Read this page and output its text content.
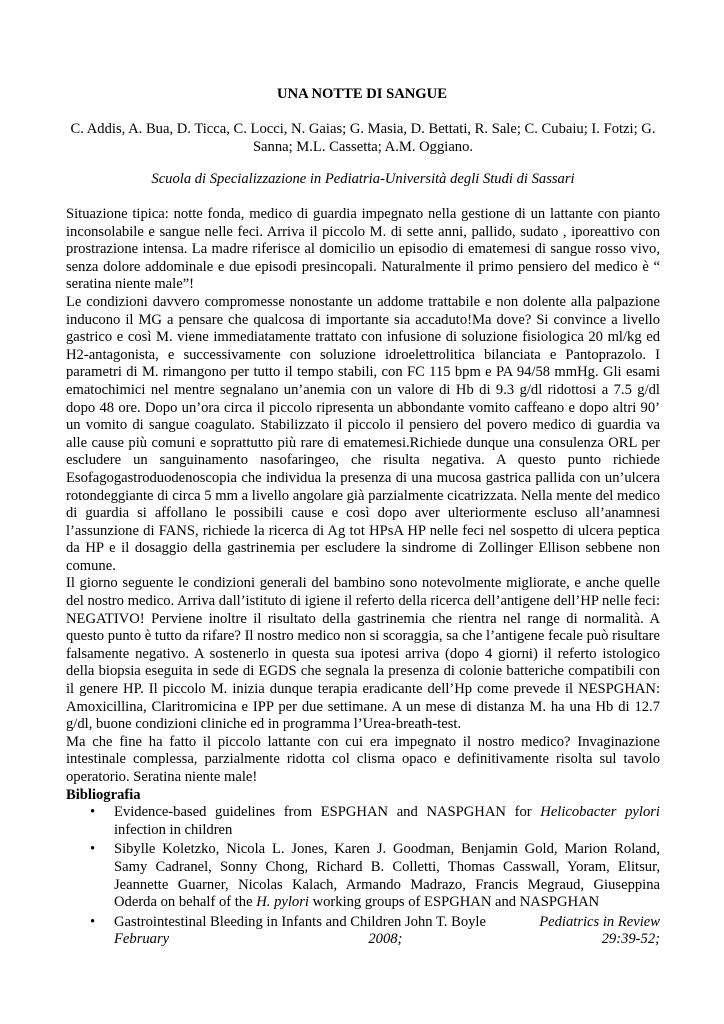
UNA NOTTE DI SANGUE
C. Addis, A. Bua, D. Ticca, C. Locci, N. Gaias; G. Masia, D. Bettati, R. Sale; C. Cubaiu; I. Fotzi; G. Sanna; M.L. Cassetta; A.M. Oggiano.
Scuola di Specializzazione in Pediatria-Università degli Studi di Sassari

Situazione tipica: notte fonda, medico di guardia impegnato nella gestione di un lattante con pianto inconsolabile e sangue nelle feci. Arriva il piccolo M. di sette anni, pallido, sudato , iporeattivo con prostrazione intensa. La madre riferisce al domicilio un episodio di ematemesi di sangue rosso vivo, senza dolore addominale e due episodi presincopali. Naturalmente il primo pensiero del medico è “ seratina niente male”!

Le condizioni davvero compromesse nonostante un addome trattabile e non dolente alla palpazione inducono il MG a pensare che qualcosa di importante sia accaduto!Ma dove? Si convince a livello gastrico e così M. viene immediatamente trattato con infusione di soluzione fisiologica 20 ml/kg ed H2-antagonista, e successivamente con soluzione idroelettrolitica bilanciata e Pantoprazolo. I parametri di M. rimangono per tutto il tempo stabili, con FC 115 bpm e PA 94/58 mmHg. Gli esami ematochimici nel mentre segnalano un’anemia con un valore di Hb di 9.3 g/dl ridottosi a 7.5 g/dl dopo 48 ore. Dopo un’ora circa il piccolo ripresenta un abbondante vomito caffeano e dopo altri 90’ un vomito di sangue coagulato. Stabilizzato il piccolo il pensiero del povero medico di guardia va alle cause più comuni e soprattutto più rare di ematemesi.Richiede dunque una consulenza ORL per escludere un sanguinamento nasofaringeo, che risulta negativa. A questo punto richiede Esofagogastroduodenoscopia che individua la presenza di una mucosa gastrica pallida con un’ulcera rotondeggiante di circa 5 mm a livello angolare già parzialmente cicatrizzata. Nella mente del medico di guardia si affollano le possibili cause e così dopo aver ulteriormente escluso all’anamnesi l’assunzione di FANS, richiede la ricerca di Ag tot HPsA HP nelle feci nel sospetto di ulcera peptica da HP e il dosaggio della gastrinemia per escludere la sindrome di Zollinger Ellison sebbene non comune.

Il giorno seguente le condizioni generali del bambino sono notevolmente migliorate, e anche quelle del nostro medico. Arriva dall’istituto di igiene il referto della ricerca dell’antigene dell’HP nelle feci: NEGATIVO! Perviene inoltre il risultato della gastrinemia che rientra nel range di normalità. A questo punto è tutto da rifare? Il nostro medico non si scoraggia, sa che l’antigene fecale può risultare falsamente negativo. A sostenerlo in questa sua ipotesi arriva (dopo 4 giorni) il referto istologico della biopsia eseguita in sede di EGDS che segnala la presenza di colonie batteriche compatibili con il genere HP. Il piccolo M. inizia dunque terapia eradicante dell’Hp come prevede il NESPGHAN: Amoxicillina, Claritromicina e IPP per due settimane. A un mese di distanza M. ha una Hb di 12.7 g/dl, buone condizioni cliniche ed in programma l’Urea-breath-test.

Ma che fine ha fatto il piccolo lattante con cui era impegnato il nostro medico? Invaginazione intestinale complessa, parzialmente ridotta col clisma opaco e definitivamente risolta sul tavolo operatorio. Seratina niente male!

Bibliografia

• Evidence-based guidelines from ESPGHAN and NASPGHAN for Helicobacter pylori infection in children
• Sibylle Koletzko, Nicola L. Jones, Karen J. Goodman, Benjamin Gold, Marion Roland, Samy Cadranel, Sonny Chong, Richard B. Colletti, Thomas Casswall, Yoram, Elitsur, Jeannette Guarner, Nicolas Kalach, Armando Madrazo, Francis Megraud, Giuseppina Oderda on behalf of the H. pylori working groups of ESPGHAN and NASPGHAN
• Gastrointestinal Bleeding in Infants and Children John T. Boyle	Pediatrics in Review
February	2008;	29:39-52;
